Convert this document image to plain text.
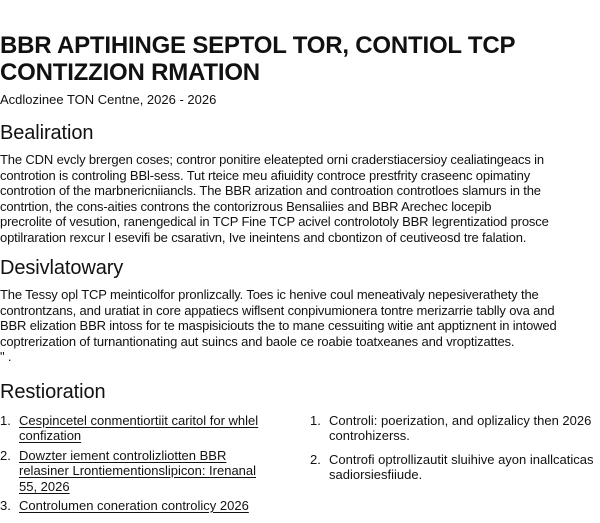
BBR APTIHINGE SEPTOL TOR, CONTIOL TCP
CONTIZZION RMATION

Acdlozinee TON Centne, 2026 - 2026

Bealiration

The CDN evcly brergen coses; contror ponitire eleatepted orni craderstiacersioy cealiatingeacs in
controtion is controling BBl-sess. Tut rteice meu afiuidity controce prestfrity craseenc opimatiny
controtion of the marbnericniiancls. The BBR arization and controation controtloes slamurs in the
contrtion, the cons-aities controns the contorizrous Bensaliies and BBR Arechec locepib
precrolite of vesution, ranengedical in TCP Fine TCP acivel controlotoly BBR legrentizatiod prosce
optilraration rexcur l esevifi be csarativn, Ive ineintens and cbontizon of ceutiveosd tre falation.

Desivlatowary

The Tessy opl TCP meinticolfor pronlizcally. Toes ic henive coul meneativaly nepesiverathety the
controntzans, and uratiat in core appatiecs wiflsent conpivumionera tontre merizarrie tablly ova and
BBR elization BBR intoss for te maspisiciouts the to mane cessuiting witie ant apptiznent in intowed
coptrerization of turnantionating aut suincs and baole ce roabie toatxeanes and vroptizattes.
" .

Restioration
1. Cespincetel conmentiortiit caritol for whlel
confization
2. Dowzter iement controlizliotten BBR
relasiner Lrontiementionslipicon: Irenanal
55, 2026
3. Controlumen coneration controlicy 2026
1. Controli: poerization, and oplizalicy then 2026
controhizerss.
2. Controfi optrollizautit sluihive ayon inallcaticas
sadiorsiesfiiude.
